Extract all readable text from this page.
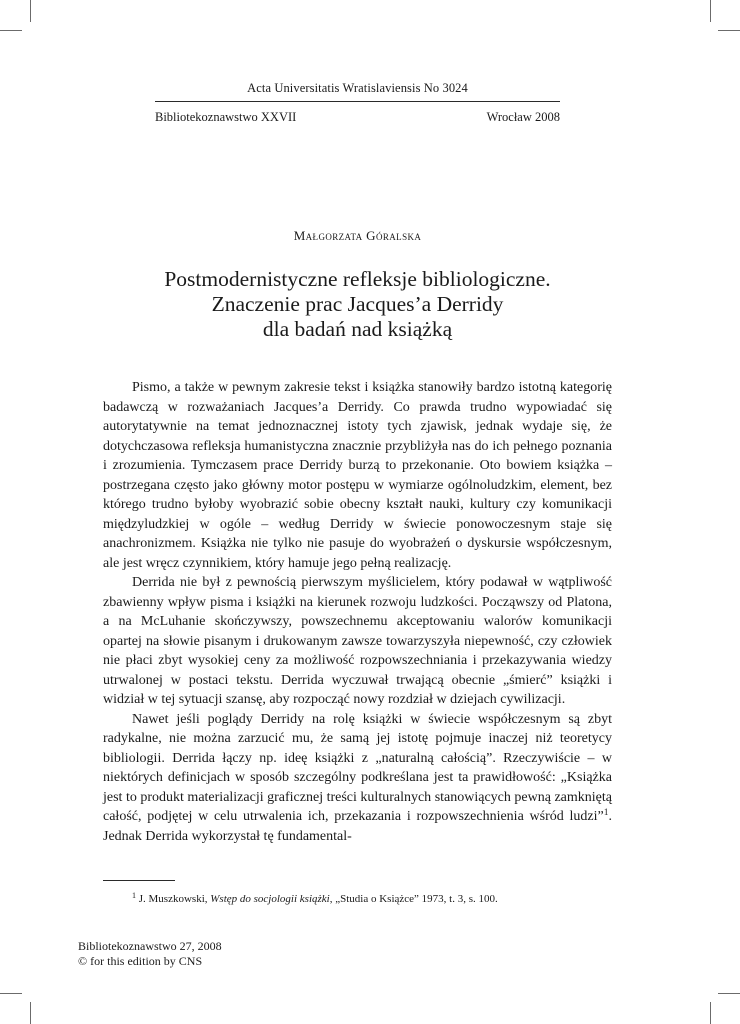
Acta Universitatis Wratislaviensis No 3024
Bibliotekoznawstwo XXVII	Wrocław 2008
Małgorzata Góralska
Postmodernistyczne refleksje bibliologiczne.
Znaczenie prac Jacques’a Derridy
dla badań nad książką

Pismo, a także w pewnym zakresie tekst i książka stanowiły bardzo istotną kategorię badawczą w rozważaniach Jacques’a Derridy. Co prawda trudno wypowiadać się autorytatywnie na temat jednoznacznej istoty tych zjawisk, jednak wydaje się, że dotychczasowa refleksja humanistyczna znacznie przybliżyła nas do ich pełnego poznania i zrozumienia. Tymczasem prace Derridy burzą to przekonanie. Oto bowiem książka – postrzegana często jako główny motor postępu w wymiarze ogólnoludzkim, element, bez którego trudno byłoby wyobrazić sobie obecny kształt nauki, kultury czy komunikacji międzyludzkiej w ogóle – według Derridy w świecie ponowoczesnym staje się anachronizmem. Książka nie tylko nie pasuje do wyobrażeń o dyskursie współczesnym, ale jest wręcz czynnikiem, który hamuje jego pełną realizację.

Derrida nie był z pewnością pierwszym myślicielem, który podawał w wątpliwość zbawienny wpływ pisma i książki na kierunek rozwoju ludzkości. Począwszy od Platona, a na McLuhanie skończywszy, powszechnemu akceptowaniu walorów komunikacji opartej na słowie pisanym i drukowanym zawsze towarzyszyła niepewność, czy człowiek nie płaci zbyt wysokiej ceny za możliwość rozpowszechniania i przekazywania wiedzy utrwalonej w postaci tekstu. Derrida wyczuwał trwającą obecnie „śmierć” książki i widział w tej sytuacji szansę, aby rozpocząć nowy rozdział w dziejach cywilizacji.

Nawet jeśli poglądy Derridy na rolę książki w świecie współczesnym są zbyt radykalne, nie można zarzucić mu, że samą jej istotę pojmuje inaczej niż teoretycy bibliologii. Derrida łączy np. ideę książki z „naturalną całością”. Rzeczywiście – w niektórych definicjach w sposób szczególny podkreślana jest ta prawidłowość: „Książka jest to produkt materializacji graficznej treści kulturalnych stanowiących pewną zamkniętą całość, podjętej w celu utrwalenia ich, przekazania i rozpowszechnienia wśród ludzi”$^1$. Jednak Derrida wykorzystał tę fundamental-

$^1$ J. Muszkowski, Wstęp do socjologii książki, „Studia o Książce” 1973, t. 3, s. 100.
Bibliotekoznawstwo 27, 2008
© for this edition by CNS
